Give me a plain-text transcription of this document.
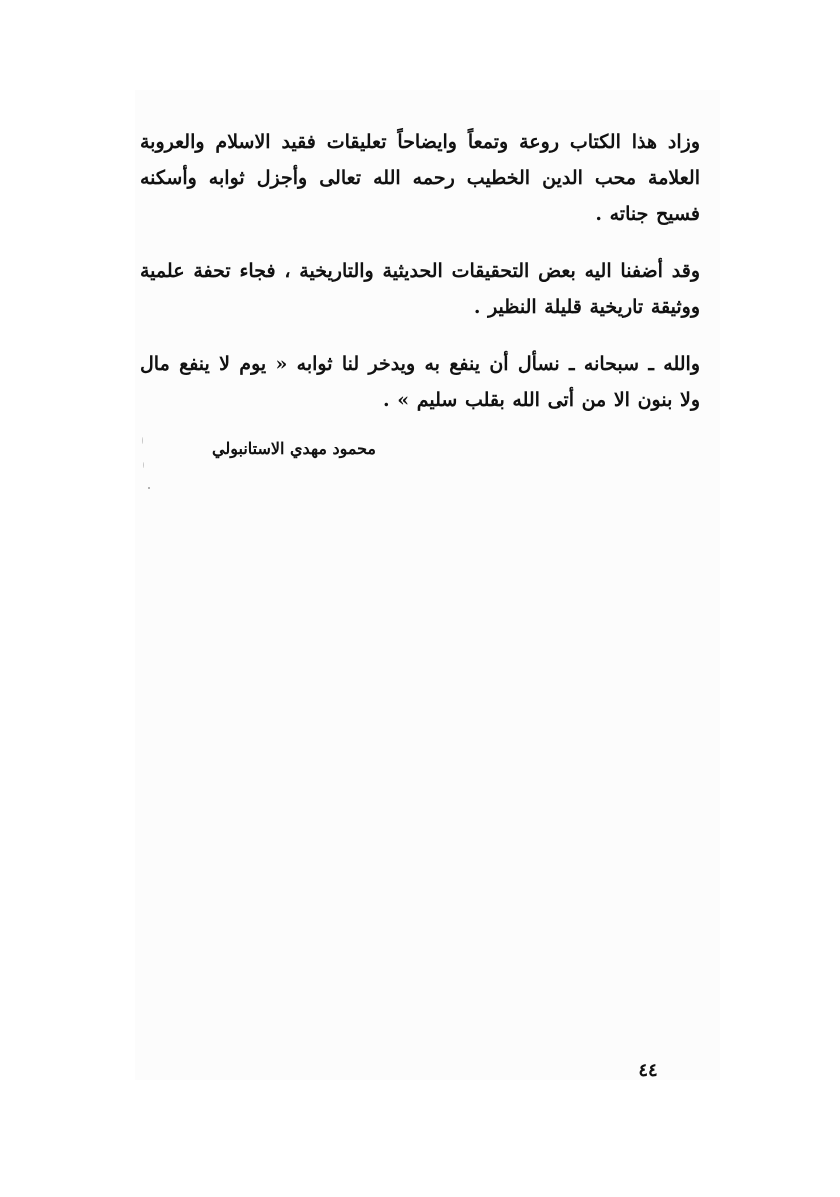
وزاد هذا الكتاب روعة وتمعاً وايضاحاً تعليقات فقيد الاسلام والعروبة العلامة محب الدين الخطيب رحمه الله تعالى وأجزل ثوابه وأسكنه فسيح جناته .

وقد أضفنا اليه بعض التحقيقات الحديثية والتاريخية ، فجاء تحفة علمية ووثيقة تاريخية قليلة النظير .

والله ـ سبحانه ـ نسأل أن ينفع به ويدخر لنا ثوابه « يوم لا ينفع مال ولا بنون الا من أتى الله بقلب سليم » .

محمود مهدي الاستانبولي
٤٤
